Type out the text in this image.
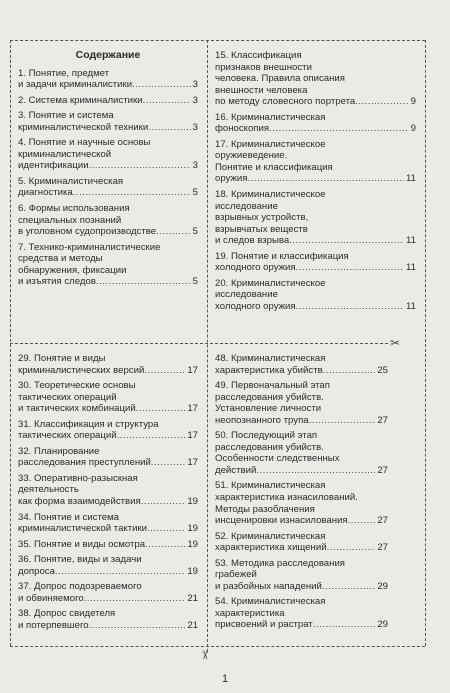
✂
✂
Содержание
1. Понятие, предмет
и задачи криминалистики .....	3
2. Система криминалистики .....	3
3. Понятие и система
криминалистической техники .....	3
4. Понятие и научные основы
криминалистической
идентификации .....	3
5. Криминалистическая
диагностика .....	5
6. Формы использования
специальных познаний
в уголовном судопроизводстве .....	5
7. Технико-криминалистические
средства и методы
обнаружения, фиксации
и изъятия следов .....	5
15. Классификация
признаков внешности
человека. Правила описания
внешности человека
по методу словесного портрета .....	9
16. Криминалистическая
фоноскопия .....	9
17. Криминалистическое
оружиеведение.
Понятие и классификация
оружия .....	11
18. Криминалистическое
исследование
взрывных устройств,
взрывчатых веществ
и следов взрыва .....	11
19. Понятие и классификация
холодного оружия .....	11
20. Криминалистическое
исследование
холодного оружия .....	11
29. Понятие и виды
криминалистических версий .....	17
30. Теоретические основы
тактических операций
и тактических комбинаций .....	17
31. Классификация и структура
тактических операций .....	17
32. Планирование
расследования преступлений .....	17
33. Оперативно-разыскная
деятельность
как форма взаимодействия .....	19
34. Понятие и система
криминалистической тактики .....	19
35. Понятие и виды осмотра .....	19
36. Понятие, виды и задачи
допроса .....	19
37. Допрос подозреваемого
и обвиняемого .....	21
38. Допрос свидетеля
и потерпевшего .....	21
48. Криминалистическая
характеристика убийств .....	25
49. Первоначальный этап
расследования убийств.
Установление личности
неопознанного трупа .....	27
50. Последующий этап
расследования убийств.
Особенности следственных
действий .....	27
51. Криминалистическая
характеристика изнасилований.
Методы разоблачения
инсценировки изнасилования .....	27
52. Криминалистическая
характеристика хищений .....	27
53. Методика расследования
грабежей
и разбойных нападений .....	29
54. Криминалистическая
характеристика
присвоений и растрат .....	29
1
